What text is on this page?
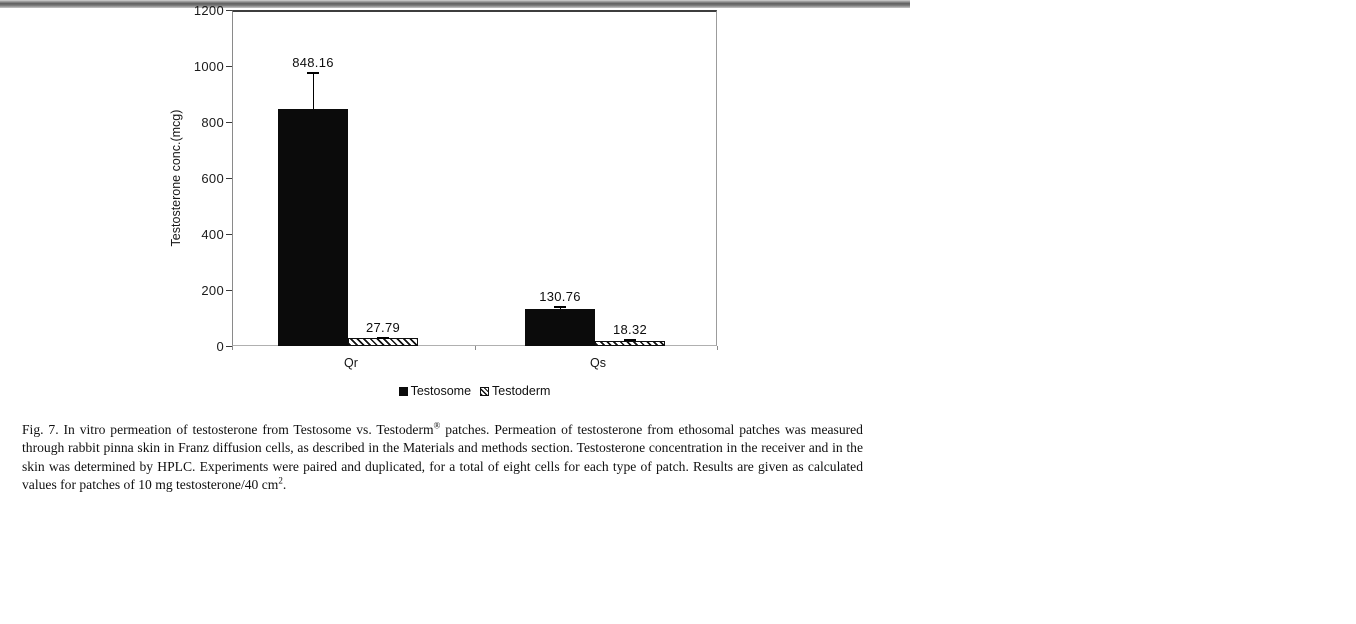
Testosterone conc.(mcg)
0
200
400
600
800
1000
1200
848.16
27.79
Qr
130.76
18.32
Qs
Testosome Testoderm

Fig. 7. In vitro permeation of testosterone from Testosome vs. Testoderm® patches. Permeation of testosterone from ethosomal patches was measured through rabbit pinna skin in Franz diffusion cells, as described in the Materials and methods section. Testosterone concentration in the receiver and in the skin was determined by HPLC. Experiments were paired and duplicated, for a total of eight cells for each type of patch. Results are given as calculated values for patches of 10 mg testosterone/40 $cm^2$.
